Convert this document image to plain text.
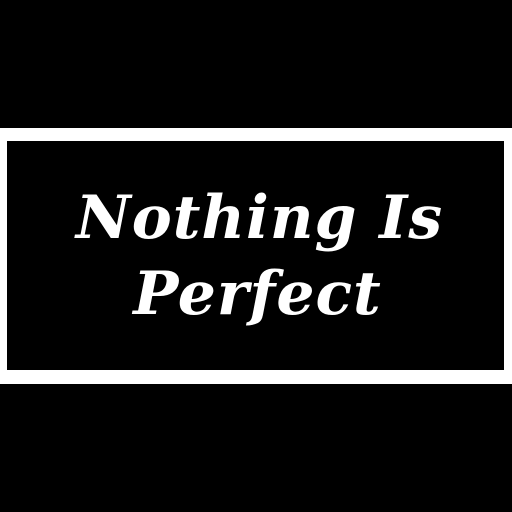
Nothing Is
Perfect
